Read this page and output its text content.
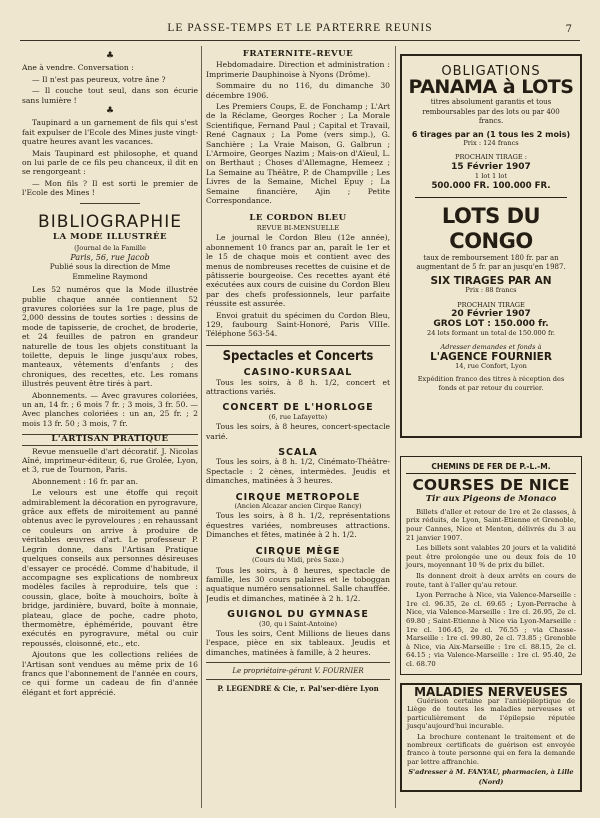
LE PASSE-TEMPS ET LE PARTERRE REUNIS	7
♣

Ane à vendre. Conversation :

— Il n'est pas peureux, votre âne ?

— Il couche tout seul, dans son écurie sans lumière !

♣

Taupinard a un garnement de fils qui s'est fait expulser de l'Ecole des Mines juste vingt-quatre heures avant les vacances.

Mais Taupinard est philosophe, et quand on lui parle de ce fils peu chanceux, il dit en se rengorgeant :

— Mon fils ? Il est sorti le premier de l'Ecole des Mines !

BIBLIOGRAPHIE
LA MODE ILLUSTRÉE
(Journal de la Famille
Paris, 56, rue Jacob
Publié sous la direction de Mme Emmeline Raymond

Les 52 numéros que la Mode illustrée publie chaque année contiennent 52 gravures coloriées sur la 1re page, plus de 2,000 dessins de toutes sorties : dessins de mode de tapisserie, de crochet, de broderie, et 24 feuilles de patron en grandeur naturelle de tous les objets constituant la toilette, depuis le linge jusqu'aux robes, manteaux, vêtements d'enfants ; des chroniques, des recettes, etc. Les romans illustrés peuvent être tirés à part.

Abonnements. — Avec gravures coloriées, un an, 14 fr. ; 6 mois 7 fr. ; 3 mois, 3 fr. 50. — Avec planches coloriées : un an, 25 fr. ; 2 mois 13 fr. 50 ; 3 mois, 7 fr.

L'ARTISAN PRATIQUE

Revue mensuelle d'art décoratif. J. Nicolas Aîné, imprimeur-éditeur, 6, rue Grolée, Lyon, et 3, rue de Tournon, Paris.

Abonnement : 16 fr. par an.

Le velours est une étoffe qui reçoit admirablement la décoration en pyrogravure, grâce aux effets de miroitement au panné obtenus avec le pyroveloures ; en rehaussant ce couleurs on arrive à produire de véritables œuvres d'art. Le professeur P. Legrin donne, dans l'Artisan Pratique quelques conseils aux personnes désireuses d'essayer ce procédé. Comme d'habitude, il accompagne ses explications de nombreux modèles faciles à reproduire, tels que : coussin, glace, boîte à mouchoirs, boîte à bridge, jardinière, buvard, boîte à monnaie, plateau, glace de poche, cadre photo, thermomètre, éphéméride, pouvant être exécutés en pyrogravure, métal ou cuir repoussés, cloisonné, etc., etc.

Ajoutons que les collections reliées de l'Artisan sont vendues au même prix de 16 francs que l'abonnement de l'année en cours, ce qui forme un cadeau de fin d'année élégant et fort apprécié.

FRATERNITÉ-REVUE

Hebdomadaire. Direction et administration : Imprimerie Dauphinoise à Nyons (Drôme).

Sommaire du no 116, du dimanche 30 décembre 1906.

Les Premiers Coups, E. de Fonchamp ; L'Art de la Réclame, Georges Rocher ; La Morale Scientifique, Fernand Paul ; Capital et Travail, René Cagnaux ; La Pome (vers simp.), G. Sanchière ; La Vraie Maison, G. Galbrun ; L'Armoire, Georges Nazim ; Mais-on d'Aïeul, L. on Berthaut ; Choses d'Allemagne, Hemeez ; La Semaine au Théâtre, P. de Champville ; Les Livres de la Semaine, Michel Epuy ; La Semaine financière, Ajin ; Petite Correspondance.

LE CORDON BLEU
REVUE BI-MENSUELLE

Le journal le Cordon Bleu (12e année), abonnement 10 francs par an, paraît le 1er et le 15 de chaque mois et contient avec des menus de nombreuses recettes de cuisine et de pâtisserie bourgeoise. Ces recettes ayant été exécutées aux cours de cuisine du Cordon Bleu par des chefs professionnels, leur parfaite réussite est assurée.

Envoi gratuit du spécimen du Cordon Bleu, 129, faubourg Saint-Honoré, Paris VIIIe. Téléphone 563-54.

Spectacles et Concerts
CASINO-KURSAAL

Tous les soirs, à 8 h. 1/2, concert et attractions variés.

CONCERT DE L'HORLOGE
(6, rue Lafayette)

Tous les soirs, à 8 heures, concert-spectacle varié.

SCALA

Tous les soirs, à 8 h. 1/2, Cinémato-Théâtre-Spectacle : 2 cènes, intermèdes. Jeudis et dimanches, matinées à 3 heures.

CIRQUE METROPOLE
(Ancien Alcazar ancien Cirque Rancy)

Tous les soirs, à 8 h. 1/2, représentations équestres variées, nombreuses attractions. Dimanches et fêtes, matinée à 2 h. 1/2.

CIRQUE MÈGE
(Cours du Midi, près Saxe.)

Tous les soirs, à 8 heures, spectacle de famille, les 30 cours palaires et le toboggan aquatique numéro sensationnel. Salle chauffée. Jeudis et dimanches, matinée à 2 h. 1/2.

GUIGNOL DU GYMNASE
(30, qu i Saint-Antoine)

Tous les soirs, Cent Millions de lieues dans l'espace, pièce en six tableaux. Jeudis et dimanches, matinées à famille, à 2 heures.

Le propriétaire-gérant V. FOURNIER
P. LEGENDRE & Cie, r. Pal'ser-dière Lyon
OBLIGATIONS
PANAMA à LOTS
titres absolument garantis et tous remboursables par des lots ou par 400 francs.
6 tirages par an (1 tous les 2 mois)
Prix : 124 francs
PROCHAIN TIRAGE :
15 Février 1907
1 lot 1 lot
500.000 FR. 100.000 FR.
LOTS DU CONGO
taux de remboursement 180 fr. par an augmentant de 5 fr. par an jusqu'en 1987.
SIX TIRAGES PAR AN
Prix : 88 francs
PROCHAIN TIRAGE
20 Février 1907
GROS LOT : 150.000 fr.
24 lots formant un total de 150.000 fr.
Adresser demandes et fonds à
L'AGENCE FOURNIER
14, rue Confort, Lyon
Expédition franco des titres à réception des fonds et par retour du courrier.
CHEMINS DE FER DE P.-L.-M.
COURSES DE NICE
Tir aux Pigeons de Monaco

Billets d'aller et retour de 1re et 2e classes, à prix réduits, de Lyon, Saint-Etienne et Grenoble, pour Cannes, Nice et Menton, délivrés du 3 au 21 janvier 1907.

Les billets sont valables 20 jours et la validité peut être prolongée une ou deux fois de 10 jours, moyennant 10 % de prix du billet.

Ils donnent droit à deux arrêts en cours de route, tant à l'aller qu'au retour.

Lyon Perrache à Nice, via Valence-Marseille : 1re cl. 96.35, 2e cl. 69.65 ; Lyon-Perrache à Nice, via Valence-Marseille : 1re cl. 26.95, 2e cl. 69.80 ; Saint-Etienne à Nice via Lyon-Marseille : 1re cl. 106.45, 2e cl. 76.55 ; via Chasse-Marseille : 1re cl. 99.80, 2e cl. 73.85 ; Grenoble à Nice, via Aix-Marseille : 1re cl. 88.15, 2e cl. 64.15 ; via Valence-Marseille : 1re cl. 95.40, 2e cl. 68.70

MALADIES NERVEUSES

Guérison certaine par l'antiépileptique de Liège de toutes les maladies nerveuses et particulièrement de l'épilepsie réputée jusqu'aujourd'hui incurable.

La brochure contenant le traitement et de nombreux certificats de guérison est envoyée franco à toute personne qui en fera la demande par lettre affranchie.

S'adresser à M. FANYAU, pharmacien, à Lille (Nord)
